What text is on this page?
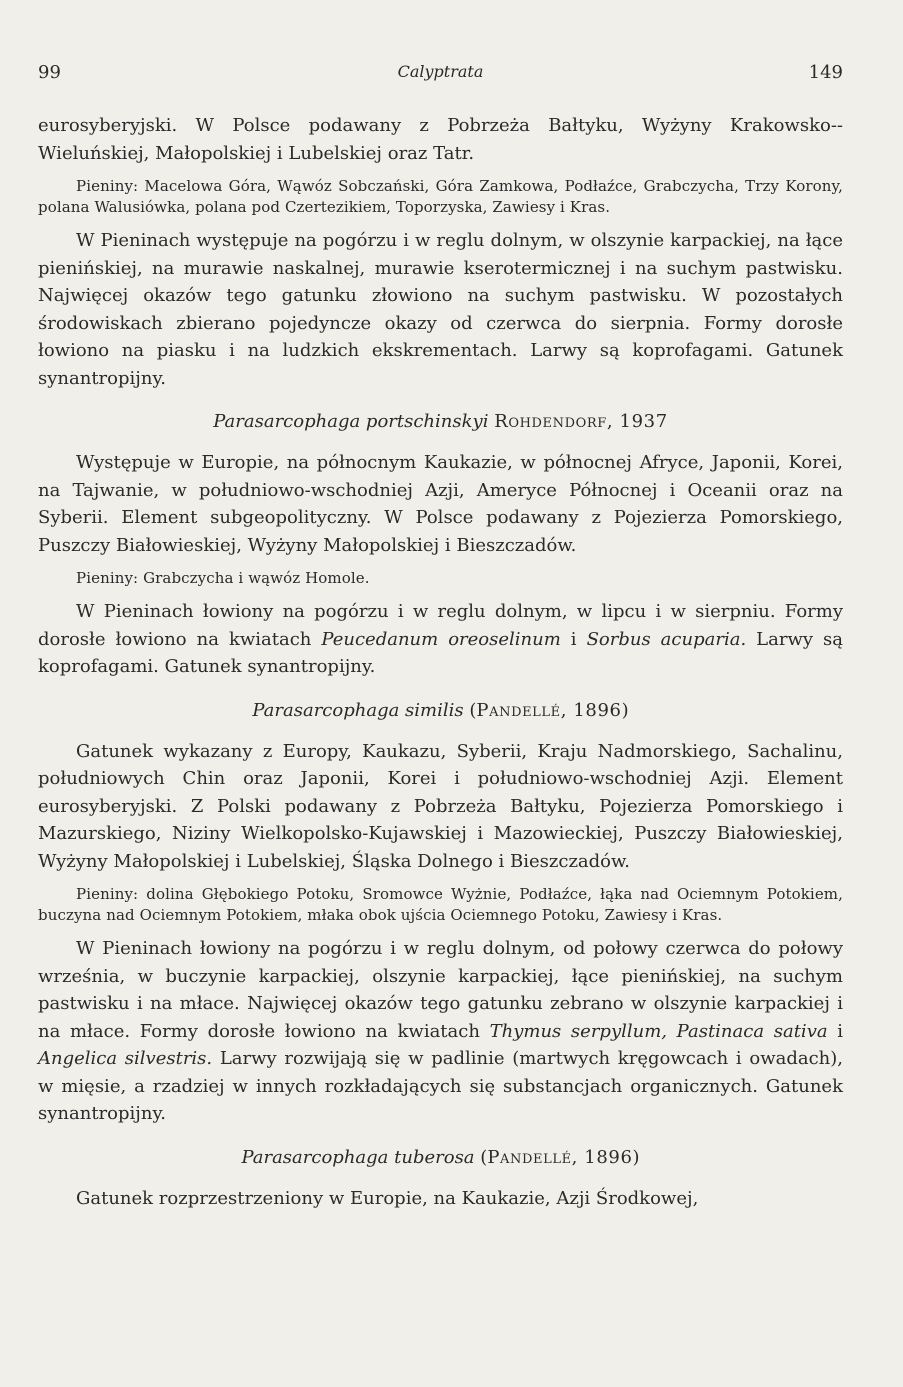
99	Calyptrata	149

eurosyberyjski. W Polsce podawany z Pobrzeża Bałtyku, Wyżyny Krakowsko--Wieluńskiej, Małopolskiej i Lubelskiej oraz Tatr.

Pieniny: Macelowa Góra, Wąwóz Sobczański, Góra Zamkowa, Podłaźce, Grabczycha, Trzy Korony, polana Walusiówka, polana pod Czertezikiem, Toporzyska, Zawiesy i Kras.

W Pieninach występuje na pogórzu i w reglu dolnym, w olszynie karpackiej, na łące pienińskiej, na murawie naskalnej, murawie kserotermicznej i na suchym pastwisku. Najwięcej okazów tego gatunku złowiono na suchym pastwisku. W pozostałych środowiskach zbierano pojedyncze okazy od czerwca do sierpnia. Formy dorosłe łowiono na piasku i na ludzkich ekskrementach. Larwy są koprofagami. Gatunek synantropijny.

Parasarcophaga portschinskyi Rohdendorf, 1937

Występuje w Europie, na północnym Kaukazie, w północnej Afryce, Japonii, Korei, na Tajwanie, w południowo-wschodniej Azji, Ameryce Północnej i Oceanii oraz na Syberii. Element subgeopolityczny. W Polsce podawany z Pojezierza Pomorskiego, Puszczy Białowieskiej, Wyżyny Małopolskiej i Bieszczadów.

Pieniny: Grabczycha i wąwóz Homole.

W Pieninach łowiony na pogórzu i w reglu dolnym, w lipcu i w sierpniu. Formy dorosłe łowiono na kwiatach Peucedanum oreoselinum i Sorbus acuparia. Larwy są koprofagami. Gatunek synantropijny.

Parasarcophaga similis (Pandellé, 1896)

Gatunek wykazany z Europy, Kaukazu, Syberii, Kraju Nadmorskiego, Sachalinu, południowych Chin oraz Japonii, Korei i południowo-wschodniej Azji. Element eurosyberyjski. Z Polski podawany z Pobrzeża Bałtyku, Pojezierza Pomorskiego i Mazurskiego, Niziny Wielkopolsko-Kujawskiej i Mazowieckiej, Puszczy Białowieskiej, Wyżyny Małopolskiej i Lubelskiej, Śląska Dolnego i Bieszczadów.

Pieniny: dolina Głębokiego Potoku, Sromowce Wyżnie, Podłaźce, łąka nad Ociemnym Potokiem, buczyna nad Ociemnym Potokiem, młaka obok ujścia Ociemnego Potoku, Zawiesy i Kras.

W Pieninach łowiony na pogórzu i w reglu dolnym, od połowy czerwca do połowy września, w buczynie karpackiej, olszynie karpackiej, łące pienińskiej, na suchym pastwisku i na młace. Najwięcej okazów tego gatunku zebrano w olszynie karpackiej i na młace. Formy dorosłe łowiono na kwiatach Thymus serpyllum, Pastinaca sativa i Angelica silvestris. Larwy rozwijają się w padlinie (martwych kręgowcach i owadach), w mięsie, a rzadziej w innych rozkładających się substancjach organicznych. Gatunek synantropijny.

Parasarcophaga tuberosa (Pandellé, 1896)

Gatunek rozprzestrzeniony w Europie, na Kaukazie, Azji Środkowej,
